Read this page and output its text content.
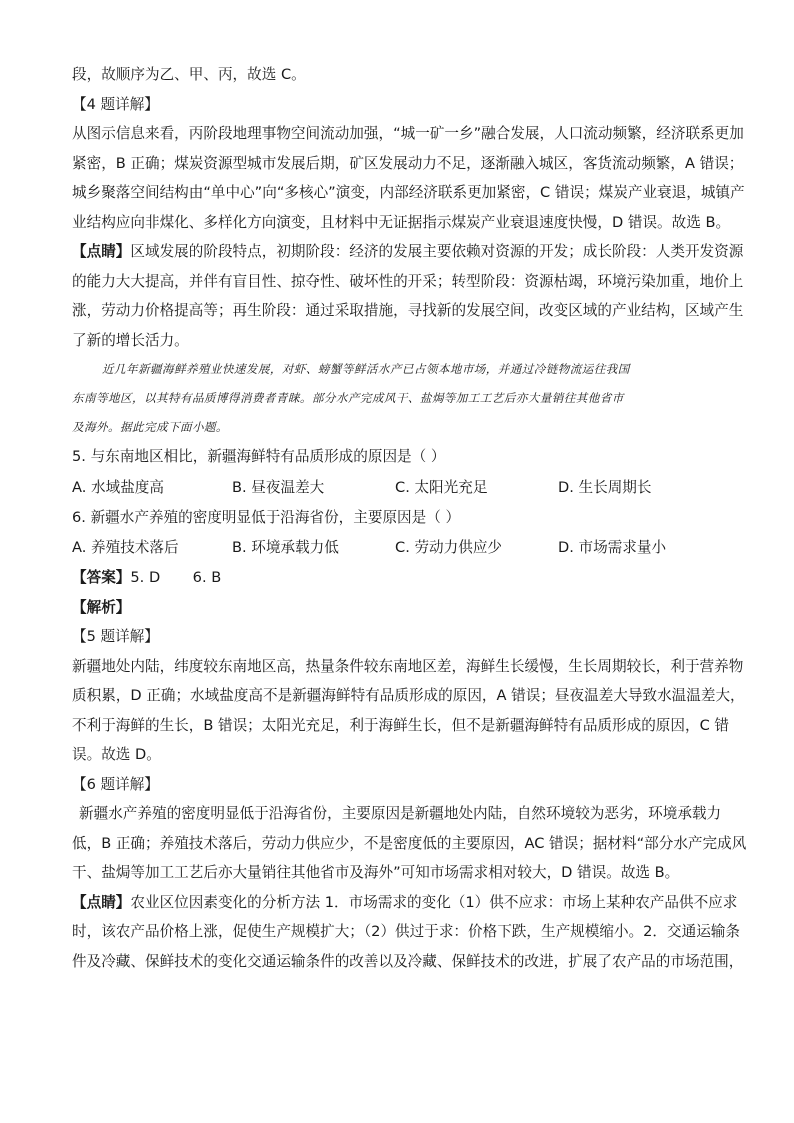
段，故顺序为乙、甲、丙，故选 C。

【4 题详解】

从图示信息来看，丙阶段地理事物空间流动加强，“城一矿一乡”融合发展，人口流动频繁，经济联系更加

紧密，B 正确；煤炭资源型城市发展后期，矿区发展动力不足，逐渐融入城区，客货流动频繁，A 错误；

城乡聚落空间结构由“单中心”向“多核心”演变，内部经济联系更加紧密，C 错误；煤炭产业衰退，城镇产

业结构应向非煤化、多样化方向演变，且材料中无证据指示煤炭产业衰退速度快慢，D 错误。故选 B。

【点睛】区域发展的阶段特点，初期阶段：经济的发展主要依赖对资源的开发；成长阶段：人类开发资源

的能力大大提高，并伴有盲目性、掠夺性、破坏性的开采；转型阶段：资源枯竭，环境污染加重，地价上

涨，劳动力价格提高等；再生阶段：通过采取措施，寻找新的发展空间，改变区域的产业结构，区域产生

了新的增长活力。

近几年新疆海鲜养殖业快速发展，对虾、螃蟹等鲜活水产已占领本地市场，并通过冷链物流运往我国

东南等地区，以其特有品质博得消费者青睐。部分水产完成风干、盐焗等加工工艺后亦大量销往其他省市

及海外。据此完成下面小题。

5. 与东南地区相比，新疆海鲜特有品质形成的原因是（ ）

A. 水域盐度高	B. 昼夜温差大	C. 太阳光充足	D. 生长周期长

6. 新疆水产养殖的密度明显低于沿海省份，主要原因是（ ）

A. 养殖技术落后	B. 环境承载力低	C. 劳动力供应少	D. 市场需求量小

【答案】5. D       6. B

【解析】

【5 题详解】

新疆地处内陆，纬度较东南地区高，热量条件较东南地区差，海鲜生长缓慢，生长周期较长，利于营养物

质积累，D 正确；水域盐度高不是新疆海鲜特有品质形成的原因，A 错误；昼夜温差大导致水温温差大，

不利于海鲜的生长，B 错误；太阳光充足，利于海鲜生长，但不是新疆海鲜特有品质形成的原因，C 错

误。故选 D。

【6 题详解】

新疆水产养殖的密度明显低于沿海省份，主要原因是新疆地处内陆，自然环境较为恶劣，环境承载力

低，B 正确；养殖技术落后，劳动力供应少，不是密度低的主要原因，AC 错误；据材料“部分水产完成风

干、盐焗等加工工艺后亦大量销往其他省市及海外”可知市场需求相对较大，D 错误。故选 B。

【点睛】农业区位因素变化的分析方法 1．市场需求的变化（1）供不应求：市场上某种农产品供不应求

时，该农产品价格上涨，促使生产规模扩大；（2）供过于求：价格下跌，生产规模缩小。2．交通运输条

件及冷藏、保鲜技术的变化交通运输条件的改善以及冷藏、保鲜技术的改进，扩展了农产品的市场范围，
